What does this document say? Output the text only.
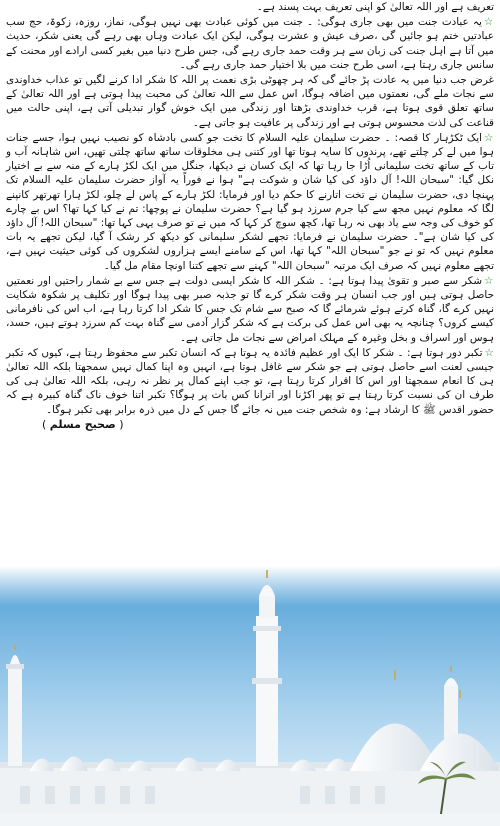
تعریف ہے اور اللہ تعالیٰ کو اپنی تعریف بہت پسند ہے۔

☆یہ عبادت جنت میں بھی جاری ہوگی: ۔ جنت میں کوئی عبادت بھی نہیں ہوگی، نماز، روزہ، زکوۃ، حج سب عبادتیں ختم ہو جائیں گی ،صرف عیش و عشرت ہوگی، لیکن ایک عبادت وہاں بھی رہے گی یعنی شکر، حدیث میں آتا ہے اہل جنت کی زبان سے ہر وقت حمد جاری رہے گی، جس طرح دنیا میں بغیر کسی ارادے اور محنت کے سانس جاری رہتا ہے، اسی طرح جنت میں بلا اختیار حمد جاری رہے گی۔

غرض جب دنیا میں یہ عادت پڑ جائے گی کہ ہر چھوٹی بڑی نعمت پر اللہ کا شکر ادا کرنے لگیں تو عذاب خداوندی سے نجات ملے گی، نعمتوں میں اضافہ ہوگا، اس عمل سے اللہ تعالیٰ کی محبت پیدا ہوتی ہے اور اللہ تعالیٰ کے ساتھ تعلق قوی ہوتا ہے، قرب خداوندی بڑھتا اور زندگی میں ایک خوش گوار تبدیلی آتی ہے، اپنی حالت میں قناعت کی لذت محسوس ہوتی ہے اور زندگی پر عافیت ہو جاتی ہے۔

☆ایک ٹکڑہار کا قصہ: ۔ حضرت سلیمان علیہ السلام کا تخت جو کسی بادشاہ کو نصیب نہیں ہوا، جسے جنات ہوا میں لے کر چلتے تھے، پرندوں کا سایہ ہوتا تھا اور کتنی ہی مخلوقات ساتھ ساتھ چلتی تھیں، اس شاہانہ آب و تاب کے ساتھ تخت سلیمانی اُڑا جا رہا تھا کہ ایک کسان نے دیکھا، جنگل میں ایک لکڑ ہارے کے منہ سے بے اختیار نکل گیا: "سبحان اللہ! آل داؤد کی کیا شان و شوکت ہے" ہوا نے فوراً یہ آواز حضرت سلیمان علیہ السلام تک پہنچا دی، حضرت سلیمان نے تخت اتارنے کا حکم دیا اور فرمایا: لکڑ ہارے کے پاس لے چلو، لکڑ ہارا تھرتھر کانپنے لگا کہ معلوم نہیں مجھ سے کیا جرم سرزد ہو گیا ہے؟ حضرت سلیمان نے پوچھا: تم نے کیا کہا تھا؟ اس بے چارے کو خوف کی وجہ سے یاد بھی نہ رہا تھا، کچھ سوچ کر کہا کہ میں نے تو صرف یہی کہا تھا: "سبحان اللہ! آل داؤد کی کیا شان ہے"۔ حضرت سلیمان نے فرمایا: تجھے لشکر سلیمانی کو دیکھ کر رشک آ گیا، لیکن تجھے یہ بات معلوم نہیں کہ تو نے جو "سبحان اللہ" کہا تھا، اس کے سامنے ایسے ہزاروں لشکروں کی کوئی حیثیت نہیں ہے، تجھے معلوم نہیں کہ صرف ایک مرتبہ "سبحان اللہ" کہنے سے تجھے کتنا اونچا مقام مل گیا۔

☆شکر سے صبر و تقویٰ پیدا ہوتا ہے: ۔ شکر اللہ کا شکر ایسی دولت ہے جس سے بے شمار راحتیں اور نعمتیں حاصل ہوتی ہیں اور جب انسان ہر وقت شکر کرے گا تو جذبہ صبر بھی پیدا ہوگا اور تکلیف پر شکوہ شکایت نہیں کرے گا، گناہ کرتے ہوئے شرمائے گا کہ صبح سے شام تک جس کا شکر ادا کرتا رہا ہے، اب اس کی نافرمانی کیسے کروں؟ چنانچہ یہ بھی اس عمل کی برکت ہے کہ شکر گزار آدمی سے گناہ بہت کم سرزد ہوتے ہیں، حسد، ہوس اور اسراف و بخل وغیرہ کے مہلک امراض سے نجات مل جاتی ہے۔

☆تکبر دور ہوتا ہے: ۔ شکر کا ایک اور عظیم فائدہ یہ ہوتا ہے کہ انسان تکبر سے محفوظ رہتا ہے، کیوں کہ تکبر جیسی لعنت اسے حاصل ہوتی ہے جو شکر سے غافل ہوتا ہے، انہیں وہ اپنا کمال نہیں سمجھتا بلکہ اللہ تعالیٰ ہی کا انعام سمجھتا اور اس کا اقرار کرتا رہتا ہے، تو جب اپنے کمال پر نظر نہ رہی، بلکہ اللہ تعالیٰ ہی کی طرف ان کی نسبت کرتا رہتا ہے تو پھر اکڑنا اور اترانا کس بات پر ہوگا؟ تکبر اتنا خوف ناک گناہ کبیرہ ہے کہ حضور اقدس ﷺ کا ارشاد ہے: وہ شخص جنت میں نہ جائے گا جس کے دل میں ذرہ برابر بھی تکبر ہوگا۔

( صحیح مسلم )
